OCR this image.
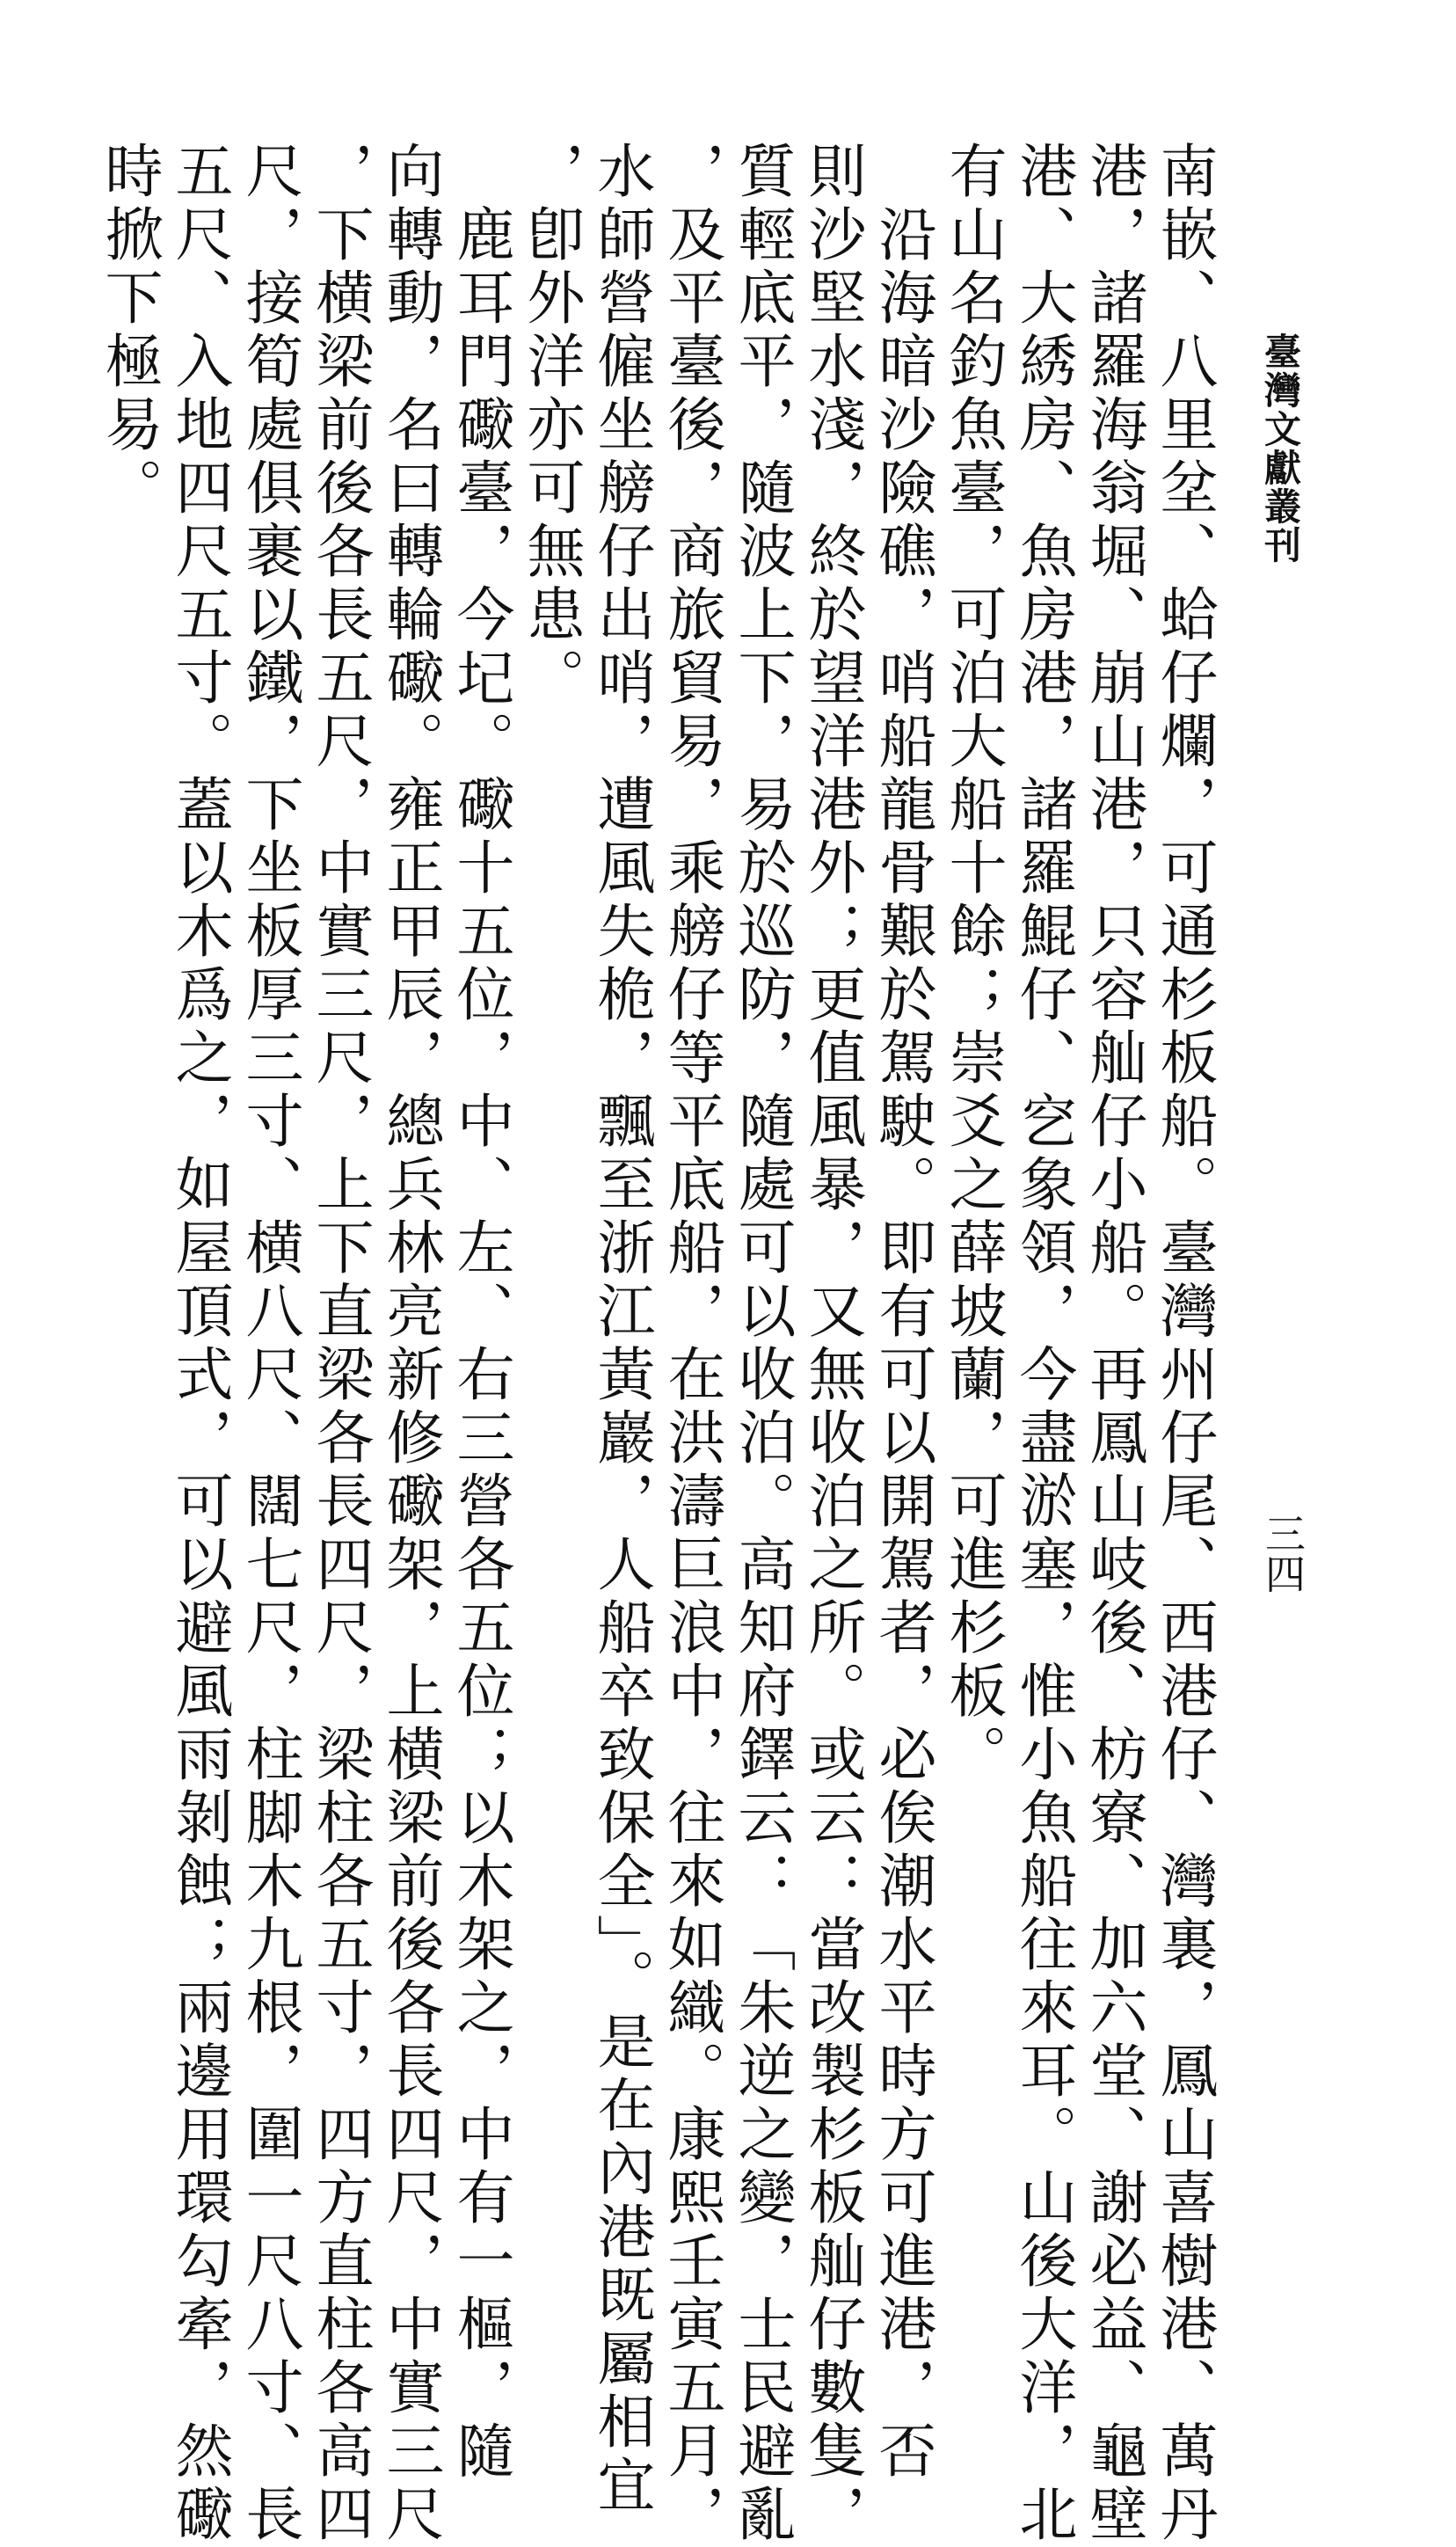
臺灣文獻叢刊
三四
南嵌、八里坌、蛤仔爛，可通杉板船。臺灣州仔尾、西港仔、灣裏，鳳山喜樹港、萬丹
港，諸羅海翁堀、崩山港，只容舢仔小船。再鳳山岐後、枋寮、加六堂、謝必益、龜壁
港、大綉房、魚房港，諸羅鯤仔、穵象領，今盡淤塞，惟小魚船往來耳。山後大洋，北
有山名釣魚臺，可泊大船十餘；崇爻之薛坡蘭，可進杉板。
　沿海暗沙險礁，哨船龍骨艱於駕駛。即有可以開駕者，必俟潮水平時方可進港，否
則沙堅水淺，終於望洋港外；更值風暴，又無收泊之所。或云：當改製杉板舢仔數隻，
質輕底平，隨波上下，易於巡防，隨處可以收泊。高知府鐸云：「朱逆之變，士民避亂
，及平臺後，商旅貿易，乘艕仔等平底船，在洪濤巨浪中，往來如織。康熙壬寅五月，
水師營僱坐艕仔出哨，遭風失桅，飄至浙江黃巖，人船卒致保全」。是在內港既屬相宜
，卽外洋亦可無患。
　鹿耳門礮臺，今圮。礮十五位，中、左、右三營各五位；以木架之，中有一樞，隨
向轉動，名曰轉輪礮。雍正甲辰，總兵林亮新修礮架，上横梁前後各長四尺，中實三尺
，下横梁前後各長五尺，中實三尺，上下直梁各長四尺，梁柱各五寸，四方直柱各高四
尺，接筍處俱裹以鐵，下坐板厚三寸、横八尺、闊七尺，柱脚木九根，圍一尺八寸、長
五尺、入地四尺五寸。蓋以木爲之，如屋頂式，可以避風雨剝蝕；兩邊用環勾牽，然礮
時掀下極易。
